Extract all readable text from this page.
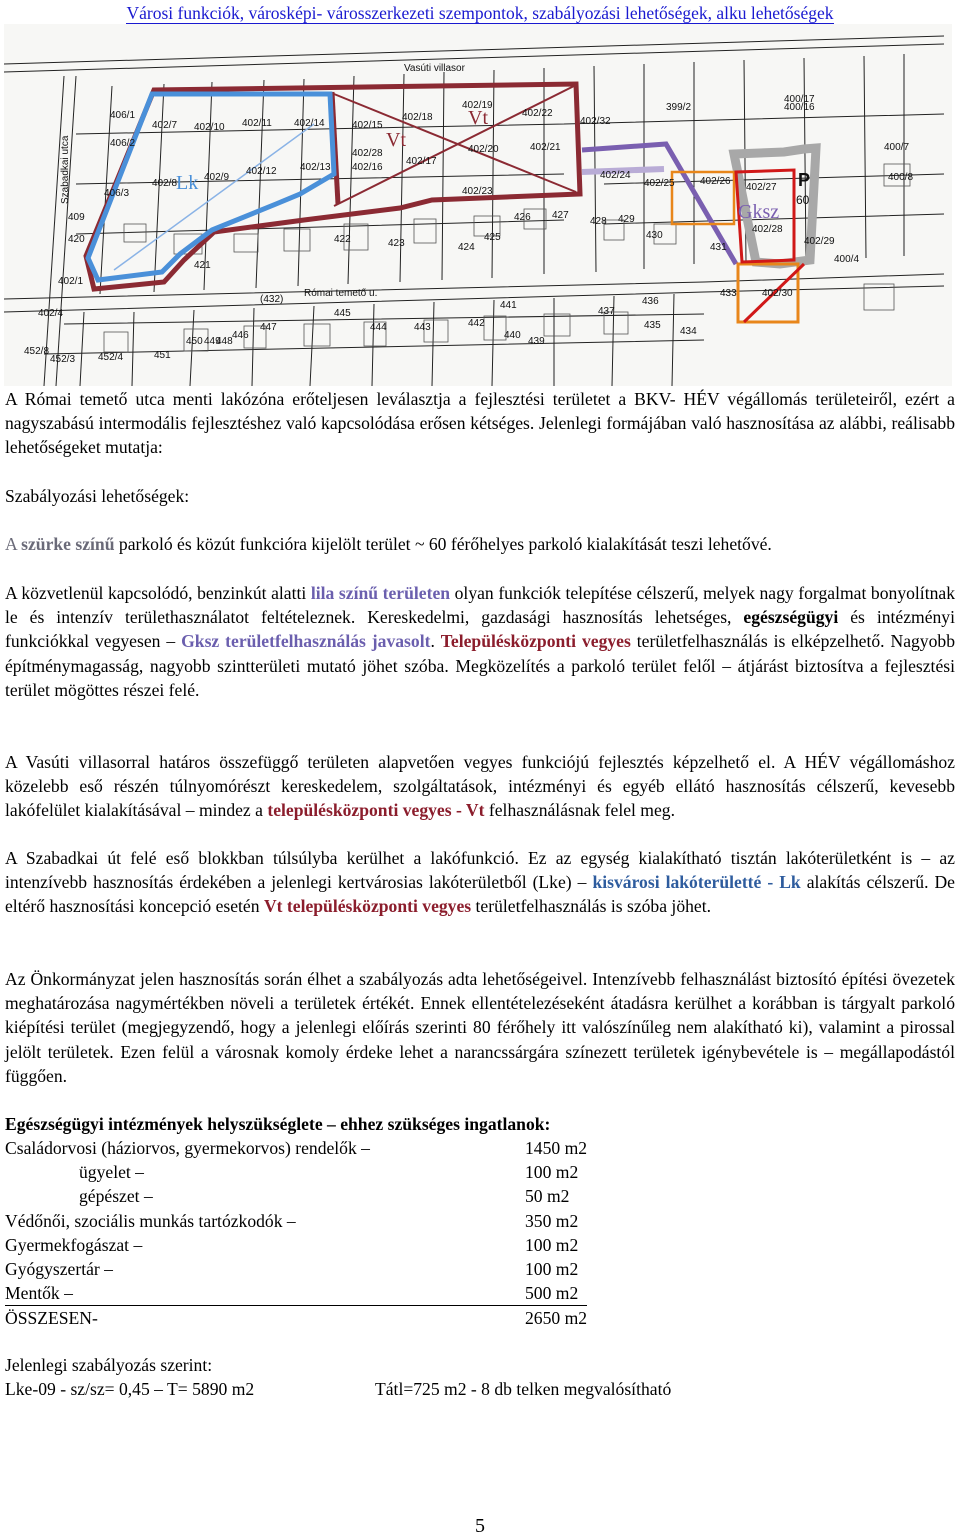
Városi funkciók, városképi- városszerkezeti szempontok, szabályozási lehetőségek, alku lehetőségek
Vasúti villasor
Szabadkai utca
Római temető u.
(432)
406/1
402/7 402/10 402/11 402/14	402/15
402/18
402/19
402/22
402/32
399/2	400/16
400/17
406/2
402/8
402/9
402/12 402/13
402/28
402/16
402/17
402/20	402/21
402/24
402/25	402/26
402/27
400/7
400/8
406/3
409
420
402/23
426 427
428 429
430
431
402/28
402/29
400/4
422	423	424
425
421
402/1
441
437
436
433	402/30
402/4	445
444	443	442
440
439
435
434
447
446
449
450 448
452/8
452/3 452/4	451
Lk
Vt
Vt
Gksz
P
60
A Római temető utca menti lakózóna erőteljesen leválasztja a fejlesztési területet a BKV- HÉV végállomás területeiről, ezért a nagyszabású intermodális fejlesztéshez való kapcsolódása erősen kétséges. Jelenlegi formájában való hasznosítása az alábbi, reálisabb lehetőségeket mutatja:
Szabályozási lehetőségek:
A szürke színű parkoló és közút funkcióra kijelölt terület ~ 60 férőhelyes parkoló kialakítását teszi lehetővé.
A közvetlenül kapcsolódó, benzinkút alatti lila színű területen olyan funkciók telepítése célszerű, melyek nagy forgalmat bonyolítnak le és intenzív területhasználatot feltételeznek. Kereskedelmi, gazdasági hasznosítás lehetséges, egészségügyi és intézményi funkciókkal vegyesen – Gksz területfelhasználás javasolt. Településközponti vegyes területfelhasználás is elképzelhető. Nagyobb építménymagasság, nagyobb szintterületi mutató jöhet szóba. Megközelítés a parkoló terület felől – átjárást biztosítva a fejlesztési terület mögöttes részei felé.
A Vasúti villasorral határos összefüggő területen alapvetően vegyes funkciójú fejlesztés képzelhető el. A HÉV végállomáshoz közelebb eső részén túlnyomórészt kereskedelem, szolgáltatások, intézményi és egyéb ellátó hasznosítás célszerű, kevesebb lakófelület kialakításával – mindez a településközponti vegyes - Vt felhasználásnak felel meg.
A Szabadkai út felé eső blokkban túlsúlyba kerülhet a lakófunkció. Ez az egység kialakítható tisztán lakóterületként is – az intenzívebb hasznosítás érdekében a jelenlegi kertvárosias lakóterületből (Lke) – kisvárosi lakóterületté - Lk alakítás célszerű. De eltérő hasznosítási koncepció esetén Vt településközponti vegyes területfelhasználás is szóba jöhet.
Az Önkormányzat jelen hasznosítás során élhet a szabályozás adta lehetőségeivel. Intenzívebb felhasználást biztosító építési övezetek meghatározása nagymértékben növeli a területek értékét. Ennek ellentételezéseként átadásra kerülhet a korábban is tárgyalt parkoló kiépítési terület (megjegyzendő, hogy a jelenlegi előírás szerinti 80 férőhely itt valószínűleg nem alakítható ki), valamint a pirossal jelölt területek. Ezen felül a városnak komoly érdeke lehet a narancssárgára színezett területek igénybevétele is – megállapodástól függően.
Egészségügyi intézmények helyszükséglete – ehhez szükséges ingatlanok:
Családorvosi (háziorvos, gyermekorvos) rendelők –	1450 m2
ügyelet –	100 m2
gépészet –	50 m2
Védőnői, szociális munkás tartózkodók –	350 m2
Gyermekfogászat –	100 m2
Gyógyszertár –	100 m2
Mentők –	500 m2
ÖSSZESEN-	2650 m2
Jelenlegi szabályozás szerint:
Lke-09 - sz/sz= 0,45 – T= 5890 m2	Tátl=725 m2 - 8 db telken megvalósítható
5
